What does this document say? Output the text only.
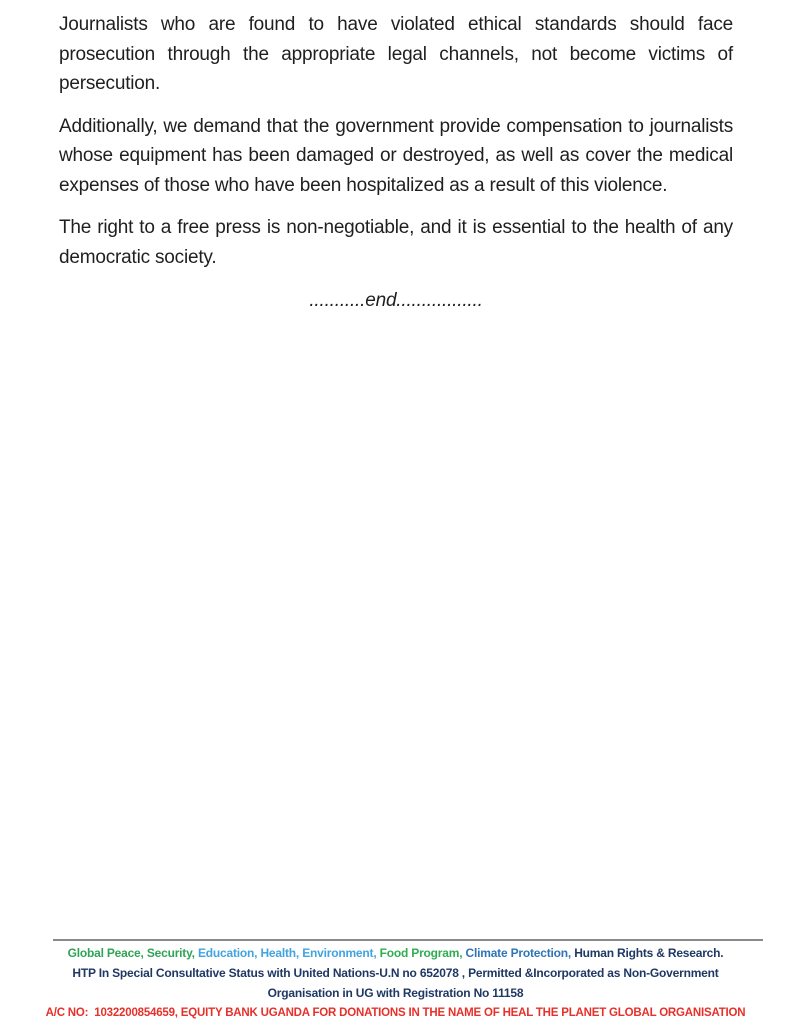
Journalists who are found to have violated ethical standards should face prosecution through the appropriate legal channels, not become victims of persecution.

Additionally, we demand that the government provide compensation to journalists whose equipment has been damaged or destroyed, as well as cover the medical expenses of those who have been hospitalized as a result of this violence.

The right to a free press is non-negotiable, and it is essential to the health of any democratic society.

...........end.................

Global Peace, Security, Education, Health, Environment, Food Program, Climate Protection, Human Rights & Research.
HTP In Special Consultative Status with United Nations-U.N no 652078 , Permitted &Incorporated as Non-Government
Organisation in UG with Registration No 11158
A/C NO:  1032200854659, EQUITY BANK UGANDA FOR DONATIONS IN THE NAME OF HEAL THE PLANET GLOBAL ORGANISATION
